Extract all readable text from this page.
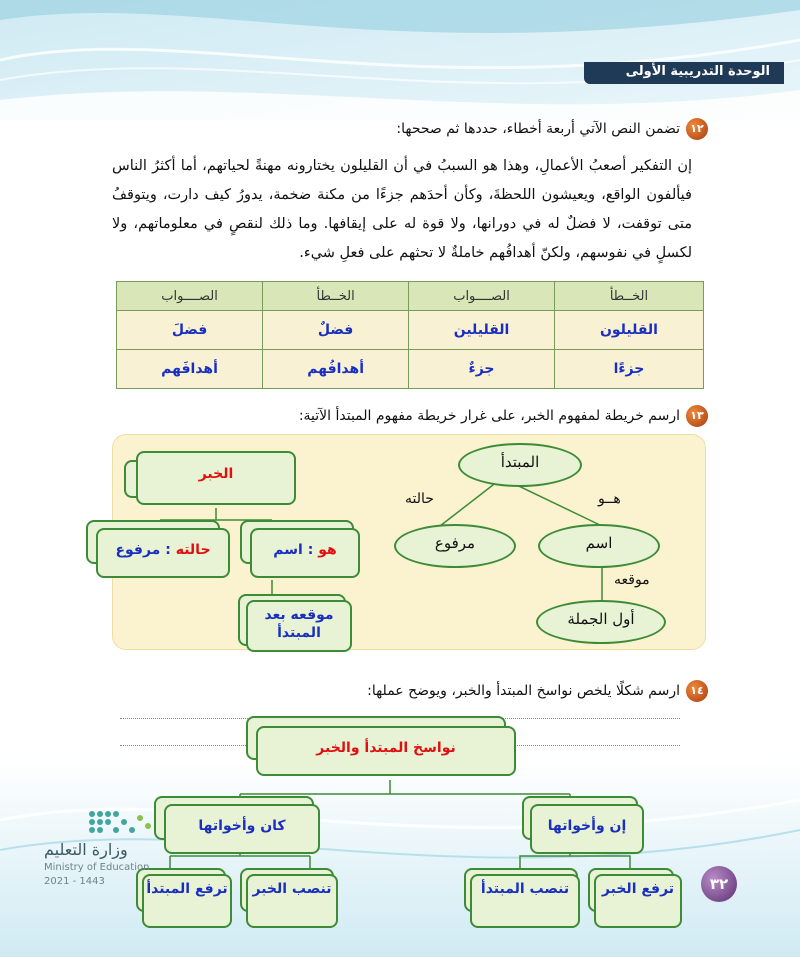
الوحدة التدريبية الأولى
١٢
تضمن النص الآتي أربعة أخطاء، حددها ثم صححها:
إن التفكير أصعبُ الأعمالِ، وهذا هو السببُ في أن القليلون يختارونه مهنةً لحياتهم، أما أكثرُ الناس فيألفون الواقع، ويعيشون اللحظةَ، وكأن أحدَهم جزءًا من مكنة ضخمة، يدورُ كيف دارت، ويتوقفُ متى توقفت، لا فضلٌ له في دورانها، ولا قوة له على إيقافها. وما ذلك لنقصٍ في معلوماتهم، ولا لكسلٍ في نفوسهم، ولكنّ أهدافُهم خاملةٌ لا تحثهم على فعلِ شيء.
الخــطأ	الصــــواب	الخــطأ	الصــــواب
القليلون	القليلين	فضلٌ	فضلَ
جزءًا	جزءٌ	أهدافُهم	أهدافَهم
١٣
ارسم خريطة لمفهوم الخبر، على غرار خريطة مفهوم المبتدأ الآتية:
الخبر
حالته : مرفوع	هو : اسم
موقعه بعد المبتدأ
المبتدأ
حالته	هــو
مرفوع	اسم
موقعه
أول الجملة
١٤
ارسم شكلًا يلخص نواسخ المبتدأ والخبر، ويوضح عملها:
نواسخ المبتدأ والخبر
كان وأخواتها	إن وأخواتها
ترفع المبتدأ تنصب الخبر	تنصب المبتدأ	ترفع الخبر	٣٢
وزارة التعليم
Ministry of Education
2021 - 1443
